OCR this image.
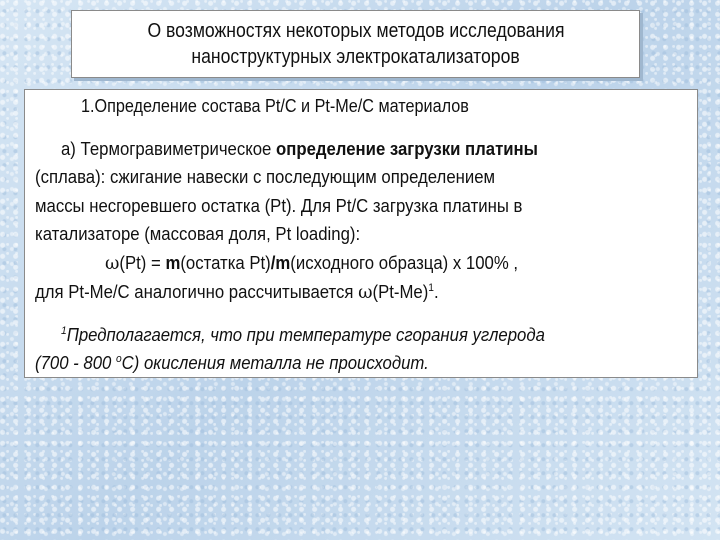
О возможностях некоторых методов исследования
наноструктурных электрокатализаторов
1.Определение состава Pt/C и Pt-Me/C материалов
а) Термогравиметрическое определение загрузки платины
(сплава): сжигание навески с последующим определением
массы несгоревшего остатка (Pt). Для Pt/C загрузка платины в
катализаторе (массовая доля, Pt loading):
ω(Pt) = m(остатка Pt)/m(исходного образца) х 100% ,
для Pt-Me/C аналогично рассчитывается $\omega(Pt-Me)^1$.
$^1$Предполагается, что при температуре сгорания углерода
(700 - 800 $^o$C) окисления металла не происходит.
